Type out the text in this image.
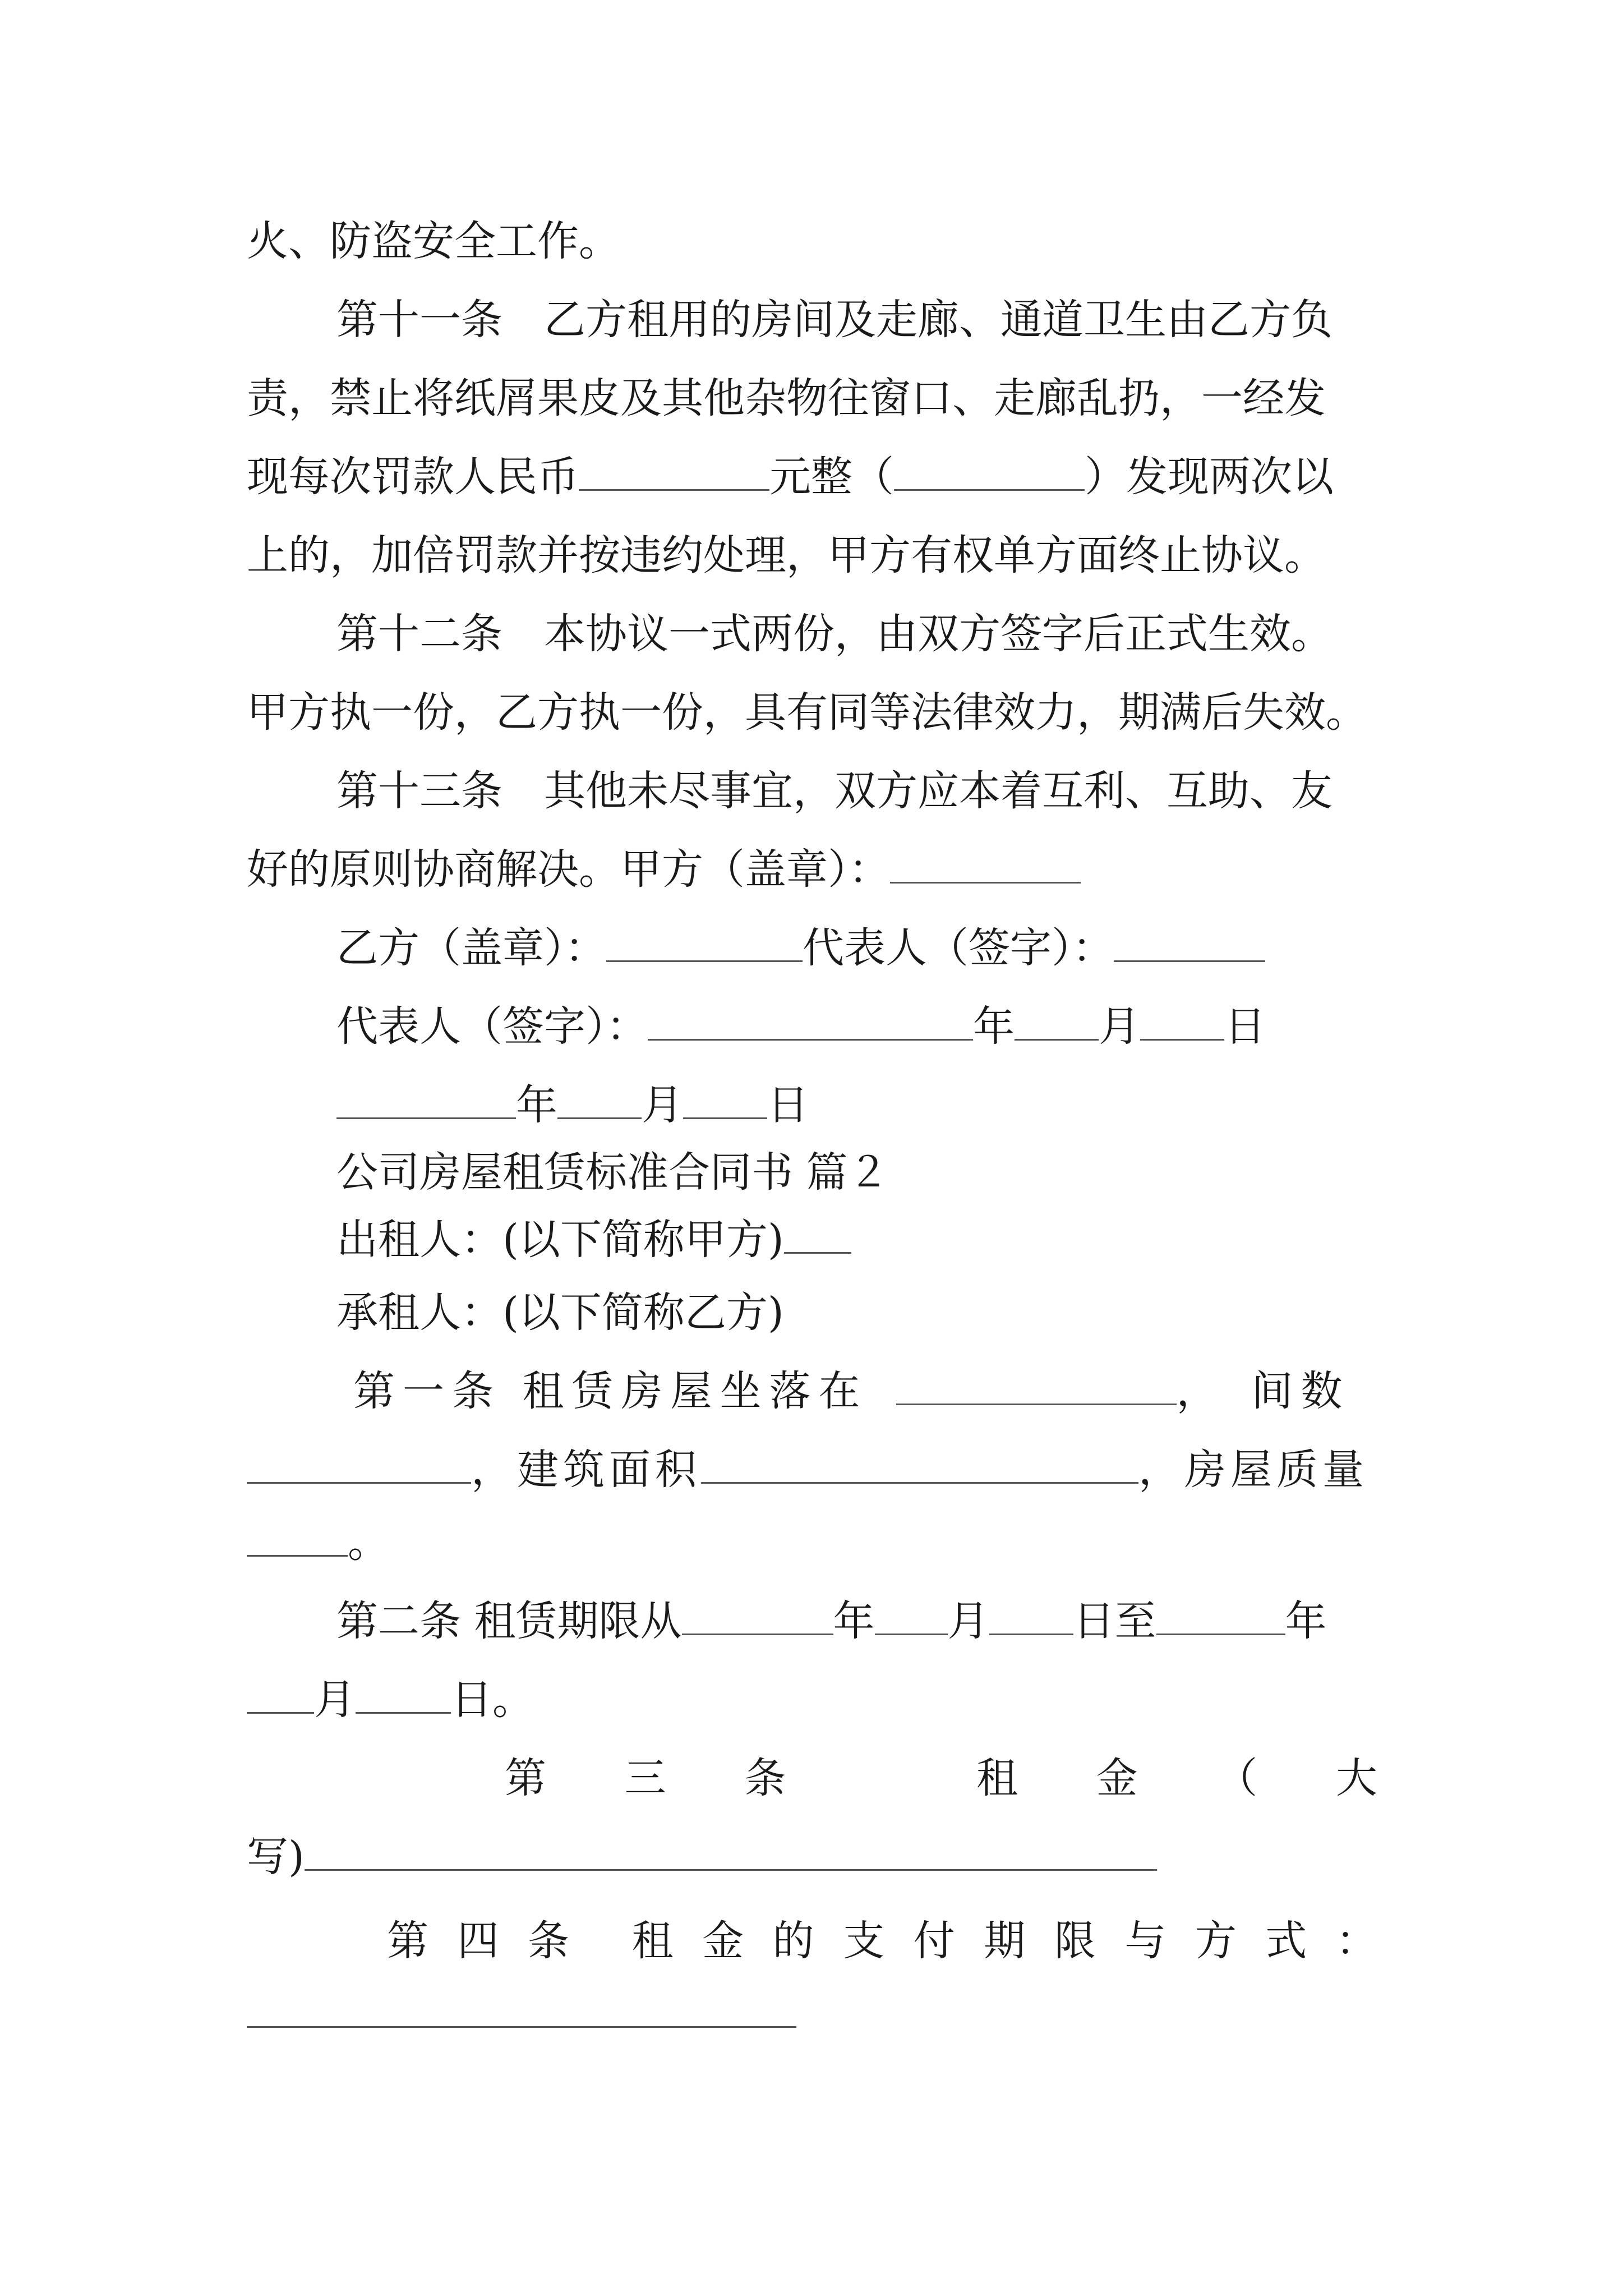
火、防盗安全工作。
第十一条　乙方租用的房间及走廊、通道卫生由乙方负
责，禁止将纸屑果皮及其他杂物往窗口、走廊乱扔，一经发
现每次罚款人民币	元整（	）发现两次以
上的，加倍罚款并按违约处理，甲方有权单方面终止协议。
第十二条　本协议一式两份，由双方签字后正式生效。
甲方执一份，乙方执一份，具有同等法律效力，期满后失效。
第十三条　其他未尽事宜，双方应本着互利、互助、友
好的原则协商解决。甲方（盖章）：
乙方（盖章）：	代表人（签字）：
代表人（签字）：	年 月 日
年 月 日
公司房屋租赁标准合同书 篇２
出租人：(以下简称甲方)
承租人：(以下简称乙方)
第一条 租赁房屋坐落在	， 间数
，建筑面积	，房屋质量
。
第二条 租赁期限从	年 月 日至	年
月 日。
第 三 条	租 金 （ 大
写)
第 四 条 租 金 的 支 付 期 限 与 方 式 ：
